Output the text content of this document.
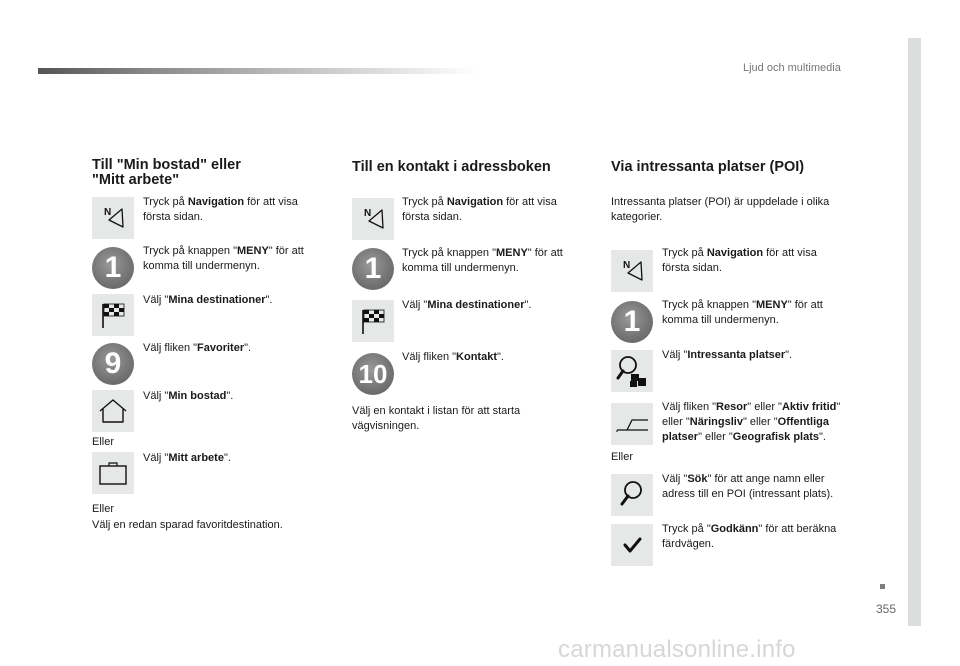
Ljud och multimedia
355
carmanualsonline.info
Till "Min bostad" eller
"Mitt arbete"
N
Tryck på Navigation för att visa
första sidan.
1	Tryck på knappen "MENY" för att
komma till undermenyn.
Välj "Mina destinationer".
9	Välj fliken "Favoriter".
Välj "Min bostad".
Eller
Välj "Mitt arbete".
Eller
Välj en redan sparad favoritdestination.
Till en kontakt i adressboken
N
Tryck på Navigation för att visa
första sidan.
1	Tryck på knappen "MENY" för att
komma till undermenyn.
Välj "Mina destinationer".
10
Välj fliken "Kontakt".
Välj en kontakt i listan för att starta
vägvisningen.
Via intressanta platser (POI)
Intressanta platser (POI) är uppdelade i olika
kategorier.
N
Tryck på Navigation för att visa
första sidan.
1	Tryck på knappen "MENY" för att
komma till undermenyn.
Välj "Intressanta platser".
Välj fliken "Resor" eller "Aktiv fritid"
eller "Näringsliv" eller "Offentliga
platser" eller "Geografisk plats".
Eller
Välj "Sök" för att ange namn eller
adress till en POI (intressant plats).
Tryck på "Godkänn" för att beräkna
färdvägen.
